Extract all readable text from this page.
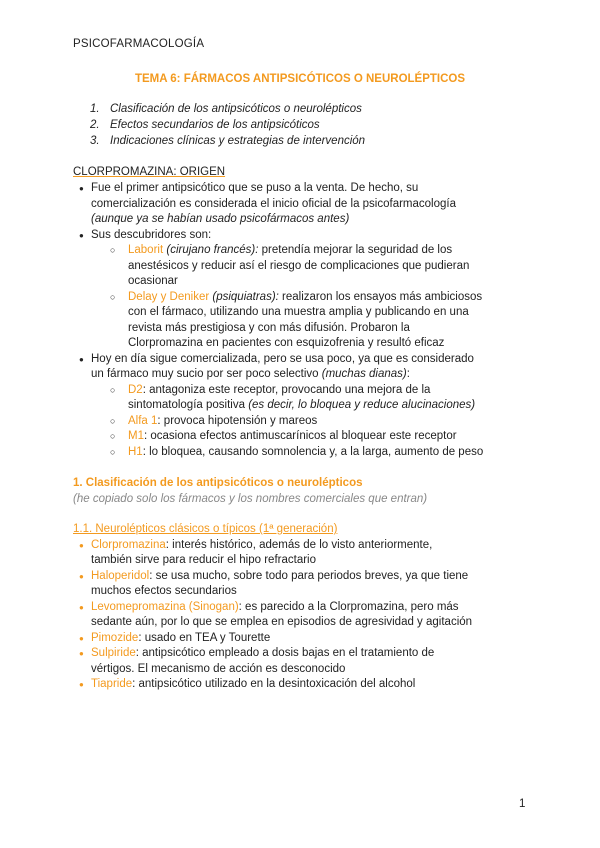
PSICOFARMACOLOGÍA
TEMA 6: FÁRMACOS ANTIPSICÓTICOS O NEUROLÉPTICOS
1. Clasificación de los antipsicóticos o neurolépticos
2. Efectos secundarios de los antipsicóticos
3. Indicaciones clínicas y estrategias de intervención
CLORPROMAZINA: ORIGEN
● Fue el primer antipsicótico que se puso a la venta. De hecho, su
comercialización es considerada el inicio oficial de la psicofarmacología
(aunque ya se habían usado psicofármacos antes)
● Sus descubridores son:
○ Laborit (cirujano francés): pretendía mejorar la seguridad de los
anestésicos y reducir así el riesgo de complicaciones que pudieran
ocasionar
○ Delay y Deniker (psiquiatras): realizaron los ensayos más ambiciosos
con el fármaco, utilizando una muestra amplia y publicando en una
revista más prestigiosa y con más difusión. Probaron la
Clorpromazina en pacientes con esquizofrenia y resultó eficaz
● Hoy en día sigue comercializada, pero se usa poco, ya que es considerado
un fármaco muy sucio por ser poco selectivo (muchas dianas):
○ D2: antagoniza este receptor, provocando una mejora de la
sintomatología positiva (es decir, lo bloquea y reduce alucinaciones)
○ Alfa 1: provoca hipotensión y mareos
○ M1: ocasiona efectos antimuscarínicos al bloquear este receptor
○ H1: lo bloquea, causando somnolencia y, a la larga, aumento de peso
1. Clasificación de los antipsicóticos o neurolépticos
(he copiado solo los fármacos y los nombres comerciales que entran)
1.1. Neurolépticos clásicos o típicos (1ª generación)
● Clorpromazina: interés histórico, además de lo visto anteriormente,
también sirve para reducir el hipo refractario
● Haloperidol: se usa mucho, sobre todo para periodos breves, ya que tiene
muchos efectos secundarios
● Levomepromazina (Sinogan): es parecido a la Clorpromazina, pero más
sedante aún, por lo que se emplea en episodios de agresividad y agitación
● Pimozide: usado en TEA y Tourette
● Sulpiride: antipsicótico empleado a dosis bajas en el tratamiento de
vértigos. El mecanismo de acción es desconocido
● Tiapride: antipsicótico utilizado en la desintoxicación del alcohol
1
